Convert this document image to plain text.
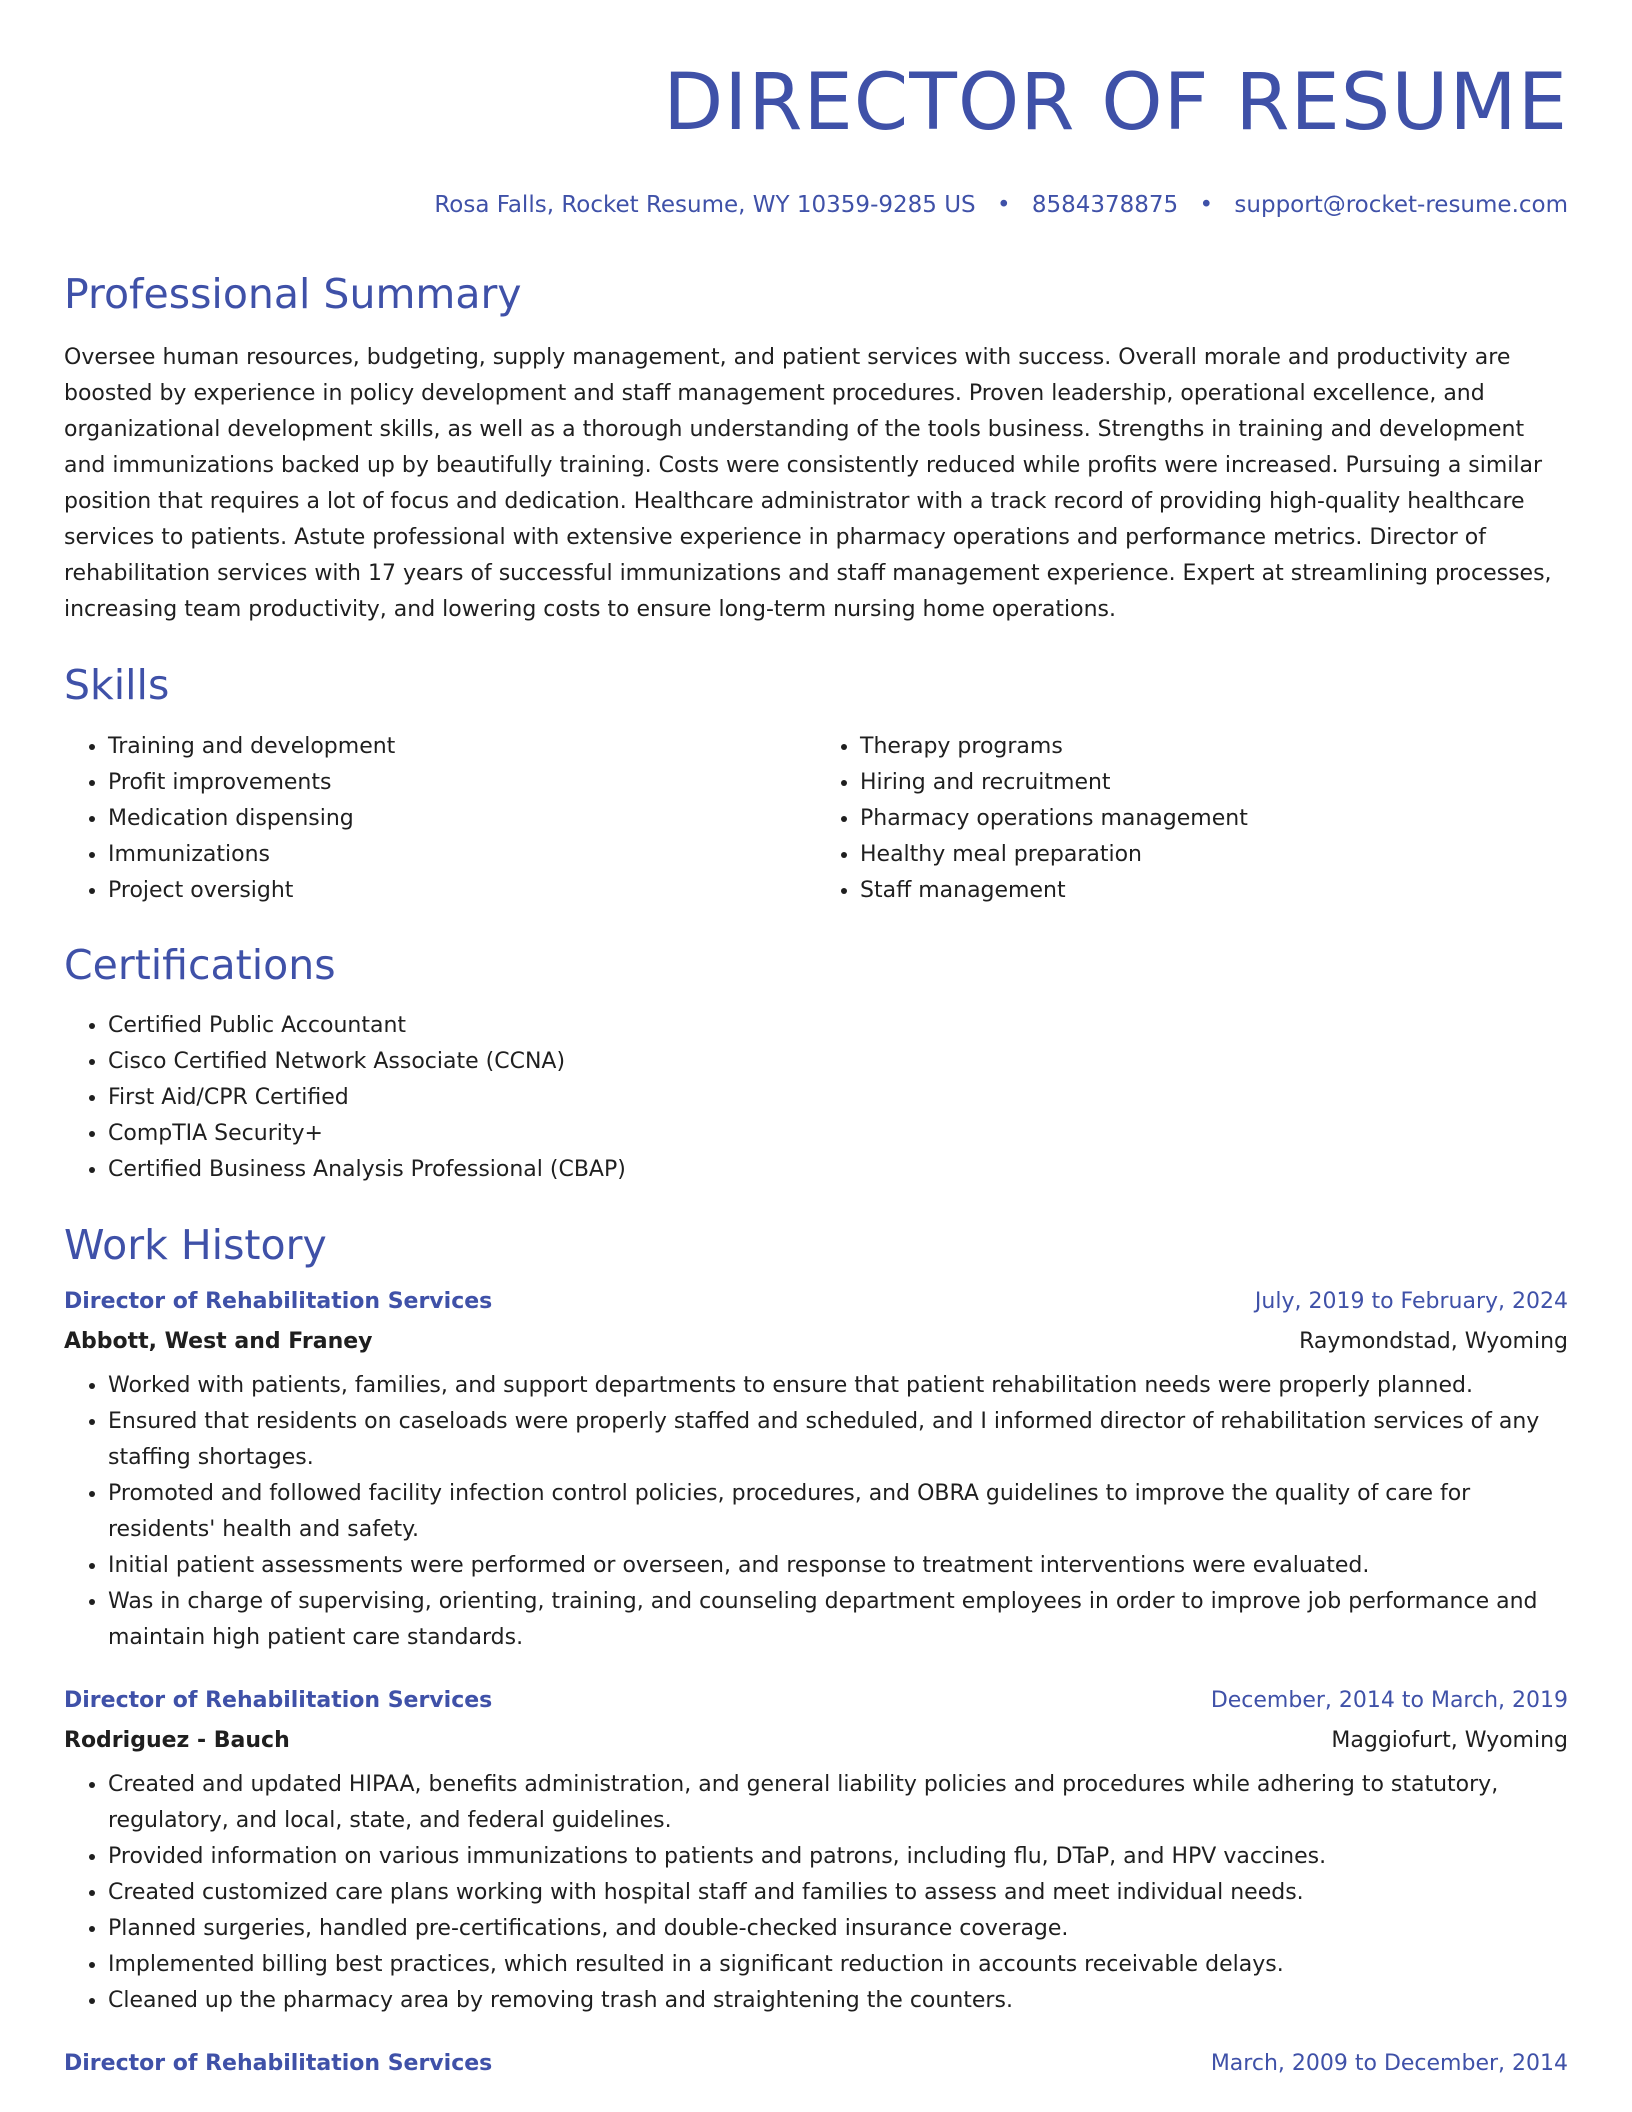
DIRECTOR OF RESUME
Rosa Falls, Rocket Resume, WY 10359-9285 US • 8584378875 • support@rocket-resume.com
Professional Summary
Oversee human resources, budgeting, supply management, and patient services with success. Overall morale and productivity are boosted by experience in policy development and staff management procedures. Proven leadership, operational excellence, and organizational development skills, as well as a thorough understanding of the tools business. Strengths in training and development and immunizations backed up by beautifully training. Costs were consistently reduced while profits were increased. Pursuing a similar position that requires a lot of focus and dedication. Healthcare administrator with a track record of providing high-quality healthcare services to patients. Astute professional with extensive experience in pharmacy operations and performance metrics. Director of rehabilitation services with 17 years of successful immunizations and staff management experience. Expert at streamlining processes, increasing team productivity, and lowering costs to ensure long-term nursing home operations.
Skills
• Training and development
• Profit improvements
• Medication dispensing
• Immunizations
• Project oversight
• Therapy programs
• Hiring and recruitment
• Pharmacy operations management
• Healthy meal preparation
• Staff management
Certifications
• Certified Public Accountant
• Cisco Certified Network Associate (CCNA)
• First Aid/CPR Certified
• CompTIA Security+
• Certified Business Analysis Professional (CBAP)
Work History
Director of Rehabilitation Services	July, 2019 to February, 2024
Abbott, West and Franey	Raymondstad, Wyoming
• Worked with patients, families, and support departments to ensure that patient rehabilitation needs were properly planned.
• Ensured that residents on caseloads were properly staffed and scheduled, and I informed director of rehabilitation services of any staffing shortages.
• Promoted and followed facility infection control policies, procedures, and OBRA guidelines to improve the quality of care for residents' health and safety.
• Initial patient assessments were performed or overseen, and response to treatment interventions were evaluated.
• Was in charge of supervising, orienting, training, and counseling department employees in order to improve job performance and maintain high patient care standards.
Director of Rehabilitation Services	December, 2014 to March, 2019
Rodriguez - Bauch	Maggiofurt, Wyoming
• Created and updated HIPAA, benefits administration, and general liability policies and procedures while adhering to statutory, regulatory, and local, state, and federal guidelines.
• Provided information on various immunizations to patients and patrons, including flu, DTaP, and HPV vaccines.
• Created customized care plans working with hospital staff and families to assess and meet individual needs.
• Planned surgeries, handled pre-certifications, and double-checked insurance coverage.
• Implemented billing best practices, which resulted in a significant reduction in accounts receivable delays.
• Cleaned up the pharmacy area by removing trash and straightening the counters.
Director of Rehabilitation Services	March, 2009 to December, 2014
